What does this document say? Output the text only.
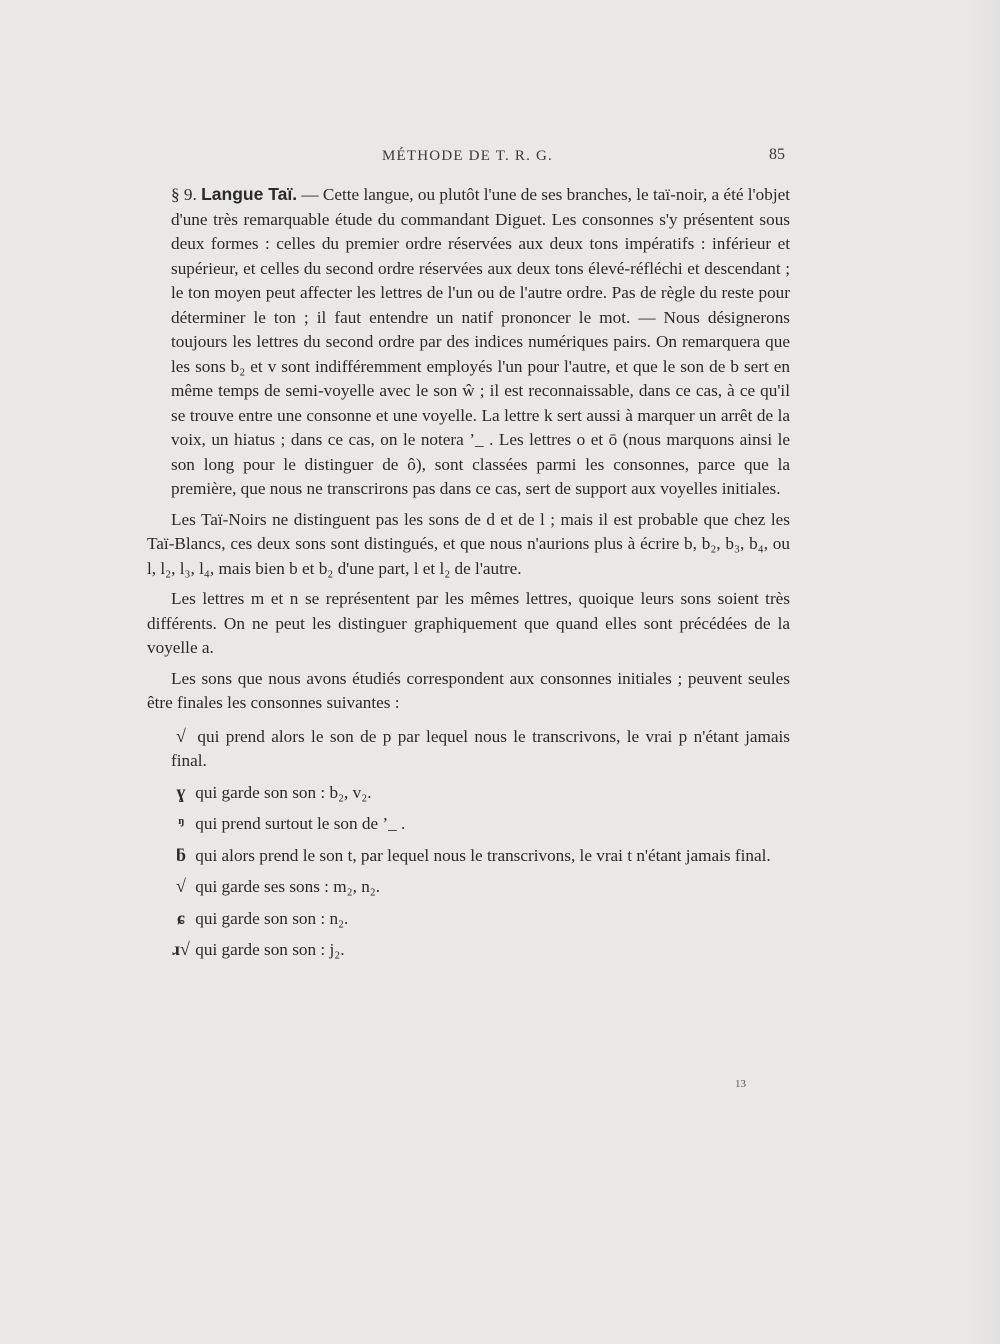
MÉTHODE DE T. R. G.	85

§ 9. Langue Taï. — Cette langue, ou plutôt l'une de ses branches, le taï-noir, a été l'objet d'une très remarquable étude du commandant Diguet. Les consonnes s'y présentent sous deux formes : celles du premier ordre réservées aux deux tons impératifs : inférieur et supérieur, et celles du second ordre réservées aux deux tons élevé-réfléchi et descendant ; le ton moyen peut affecter les lettres de l'un ou de l'autre ordre. Pas de règle du reste pour déterminer le ton ; il faut entendre un natif prononcer le mot. — Nous désignerons toujours les lettres du second ordre par des indices numériques pairs. On remarquera que les sons b₂ et v sont indifféremment employés l'un pour l'autre, et que le son de b sert en même temps de semi-voyelle avec le son ŵ ; il est reconnaissable, dans ce cas, à ce qu'il se trouve entre une consonne et une voyelle. La lettre k sert aussi à marquer un arrêt de la voix, un hiatus ; dans ce cas, on le notera ’_ . Les lettres o et ō (nous marquons ainsi le son long pour le distinguer de ô), sont classées parmi les consonnes, parce que la première, que nous ne transcrirons pas dans ce cas, sert de support aux voyelles initiales.

Les Taï-Noirs ne distinguent pas les sons de d et de l ; mais il est probable que chez les Taï-Blancs, ces deux sons sont distingués, et que nous n'aurions plus à écrire b, b₂, b₃, b₄, ou l, l₂, l₃, l₄, mais bien b et b₂ d'une part, l et l₂ de l'autre.

Les lettres m et n se représentent par les mêmes lettres, quoique leurs sons soient très différents. On ne peut les distinguer graphiquement que quand elles sont précédées de la voyelle a.

Les sons que nous avons étudiés correspondent aux consonnes initiales ; peuvent seules être finales les consonnes suivantes :

√ qui prend alors le son de p par lequel nous le transcrivons, le vrai p n'étant jamais final.
ɣ qui garde son son : b₂, v₂.
ᵑ qui prend surtout le son de ’_ .
ƃ qui alors prend le son t, par lequel nous le transcrivons, le vrai t n'étant jamais final.
√ qui garde ses sons : m₂, n₂.
ɕ qui garde son son : n₂.
ɹ√ qui garde son son : j₂.
13
